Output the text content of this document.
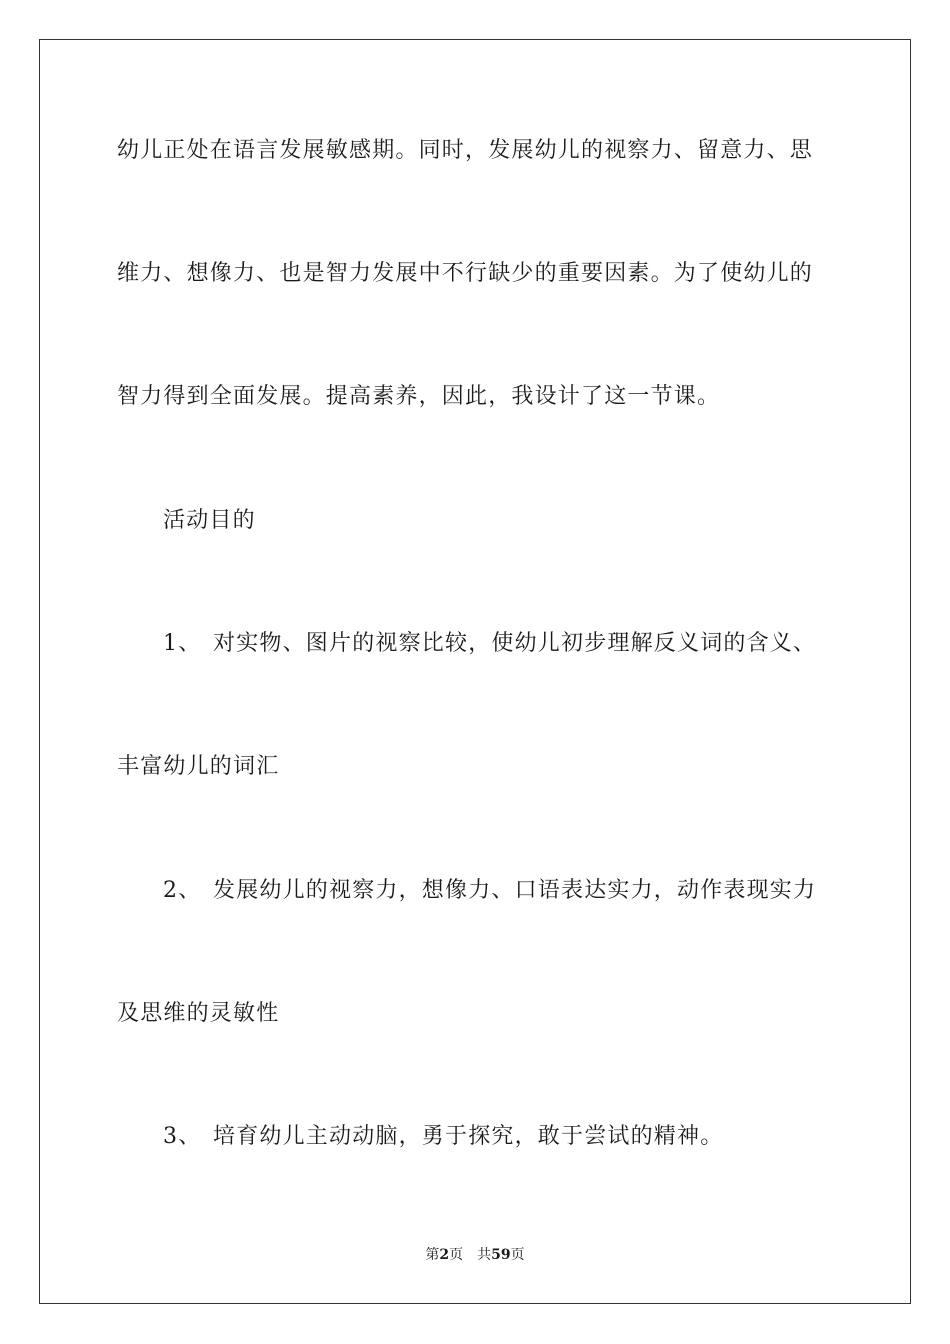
幼儿正处在语言发展敏感期。同时，发展幼儿的视察力、留意力、思
维力、想像力、也是智力发展中不行缺少的重要因素。为了使幼儿的
智力得到全面发展。提高素养，因此，我设计了这一节课。
活动目的
1、 对实物、图片的视察比较，使幼儿初步理解反义词的含义、
丰富幼儿的词汇
2、 发展幼儿的视察力，想像力、口语表达实力，动作表现实力
及思维的灵敏性
3、 培育幼儿主动动脑，勇于探究，敢于尝试的精神。
第2页 共59页
